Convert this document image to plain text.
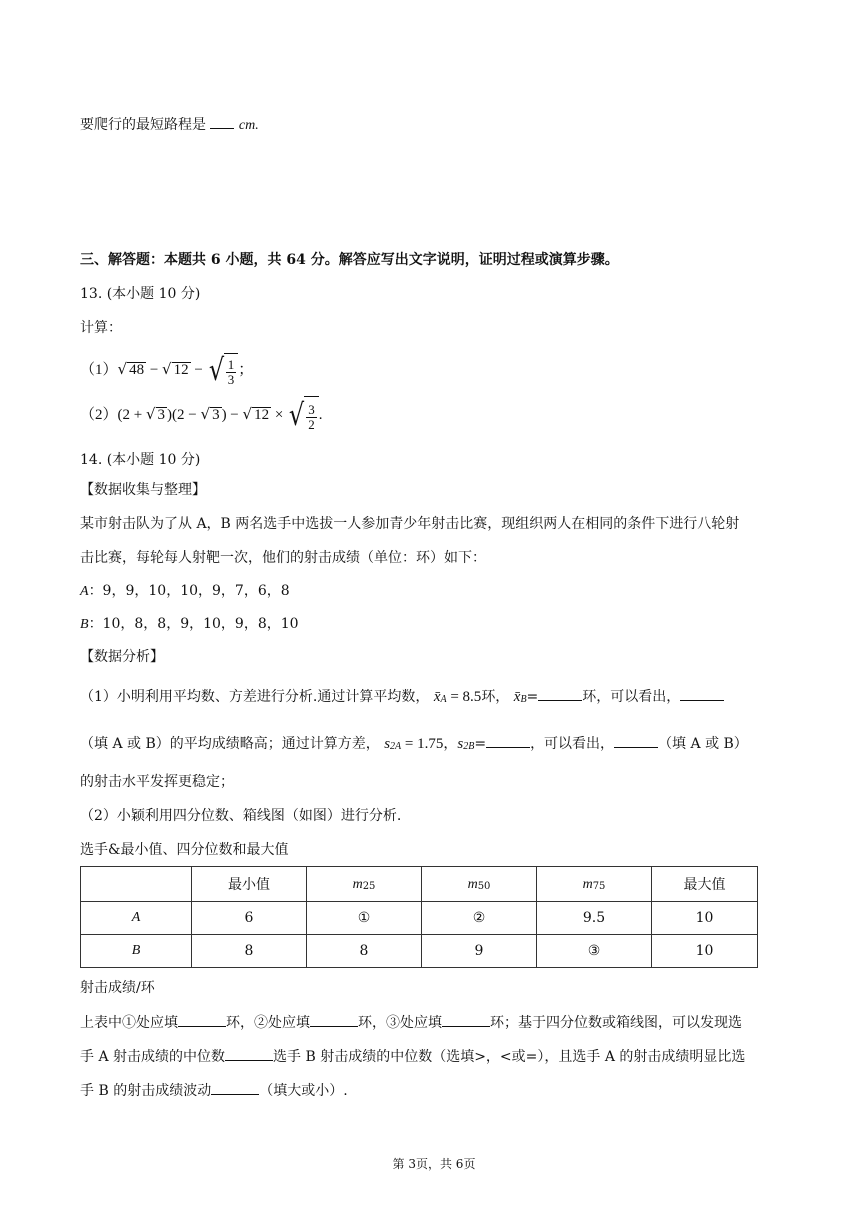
要爬行的最短路程是 cm.
三、解答题：本题共 6 小题，共 64 分。解答应写出文字说明，证明过程或演算步骤。
13. (本小题 10 分)
计算：
（1）√ 48 − √ 12 − √ $\frac{1}{3}$ ；
（2）(2 + √ 3 )(2 − √ 3 ) − √ 12 × √ $\frac{3}{2}$ .
14. (本小题 10 分)
【数据收集与整理】
某市射击队为了从 A，B 两名选手中选拔一人参加青少年射击比赛，现组织两人在相同的条件下进行八轮射
击比赛，每轮每人射靶一次，他们的射击成绩（单位：环）如下：
A：9，9，10，10，9，7，6，8
B：10，8，8，9，10，9，8，10
【数据分析】
（1）小明利用平均数、方差进行分析.通过计算平均数， x̄A = 8.5环， x̄B=	环，可以看出，
（填 A 或 B）的平均成绩略高；通过计算方差， $s^2A = 1.75$，$s^2B=$	，可以看出，	（填 A 或 B）
的射击水平发挥更稳定；
（2）小颖利用四分位数、箱线图（如图）进行分析.
选手&最小值、四分位数和最大值
	最小值	m25	m50	m75	最大值
A	6	①	②	9.5	10
B	8	8	9	③	10
射击成绩/环
上表中①处应填	环，②处应填	环，③处应填	环；基于四分位数或箱线图，可以发现选
手 A 射击成绩的中位数	选手 B 射击成绩的中位数（选填>，<或=），且选手 A 的射击成绩明显比选
手 B 的射击成绩波动	（填大或小）.
第 3页，共 6页
